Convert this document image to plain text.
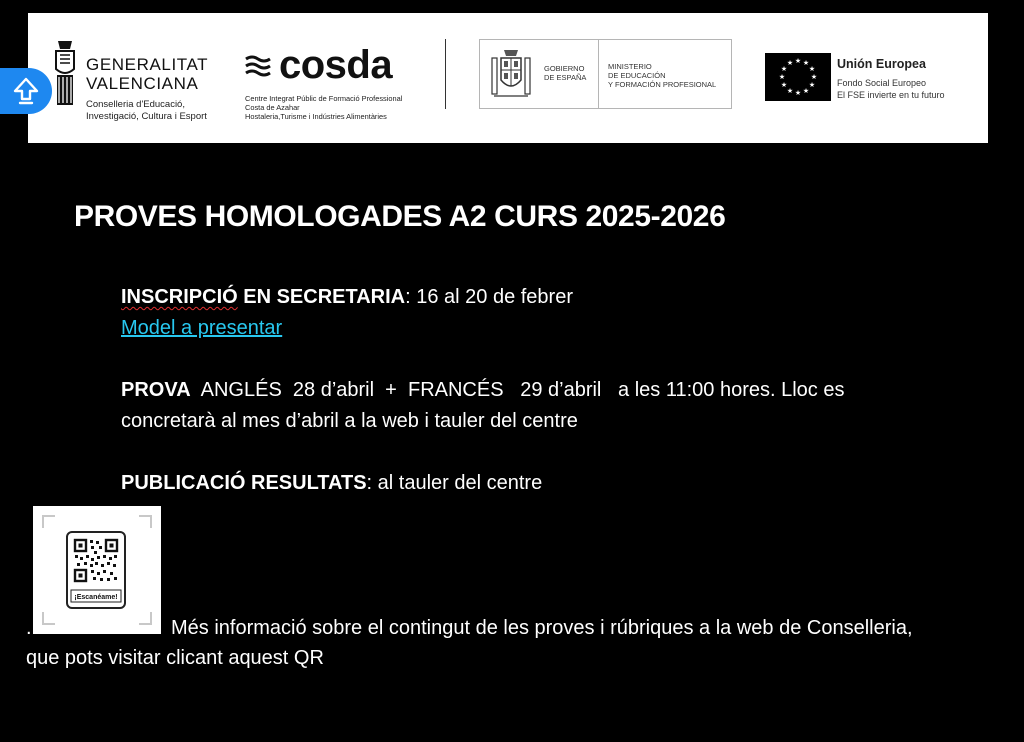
GENERALITAT
VALENCIANA
Conselleria d'Educació,
Investigació, Cultura i Esport
cosda
Centre Integrat Públic de Formació Professional
Costa de Azahar
Hostaleria,Turisme i Indústries Alimentàries
GOBIERNO
DE ESPAÑA
MINISTERIO
DE EDUCACIÓN
Y FORMACIÓN PROFESIONAL
★ ★
★
★
★
★
★
★
★
★
★
★	Unión Europea
Fondo Social Europeo
El FSE invierte en tu futuro
PROVES HOMOLOGADES A2 CURS 2025-2026

INSCRIPCIÓ EN SECRETARIA: 16 al 20 de febrer

Model a presentar

PROVA  ANGLÉS  28 d’abril  +  FRANCÉS   29 d’abril   a les 11:00 hores. Lloc es

concretarà al mes d’abril a la web i tauler del centre

PUBLICACIÓ RESULTATS: al tauler del centre

¡Escanéame!
.	Més informació sobre el contingut de les proves i rúbriques a la web de Conselleria,
que pots visitar clicant aquest QR
